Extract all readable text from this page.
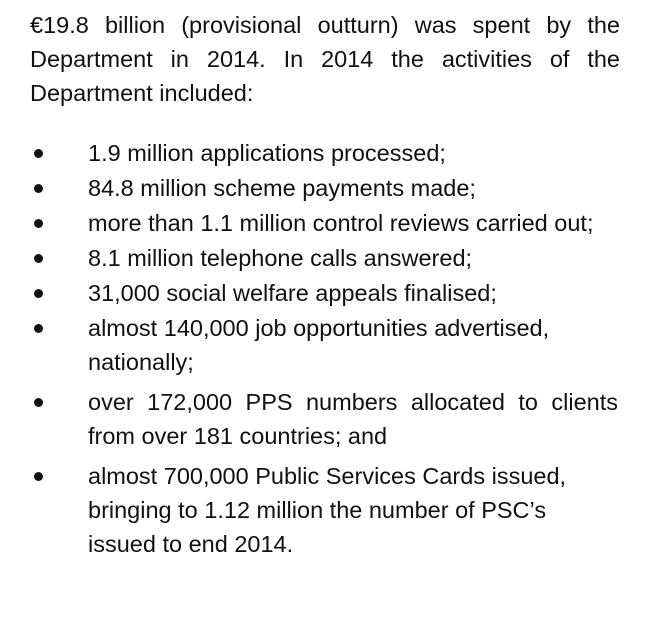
€19.8 billion (provisional outturn) was spent by the Department in 2014. In 2014 the activities of the Department included:

1.9 million applications processed;
84.8 million scheme payments made;
more than 1.1 million control reviews carried out;
8.1 million telephone calls answered;
31,000 social welfare appeals finalised;
almost 140,000 job opportunities advertised, nationally;
over 172,000 PPS numbers allocated to clients from over 181 countries; and
almost 700,000 Public Services Cards issued, bringing to 1.12 million the number of PSC’s issued to end 2014.
